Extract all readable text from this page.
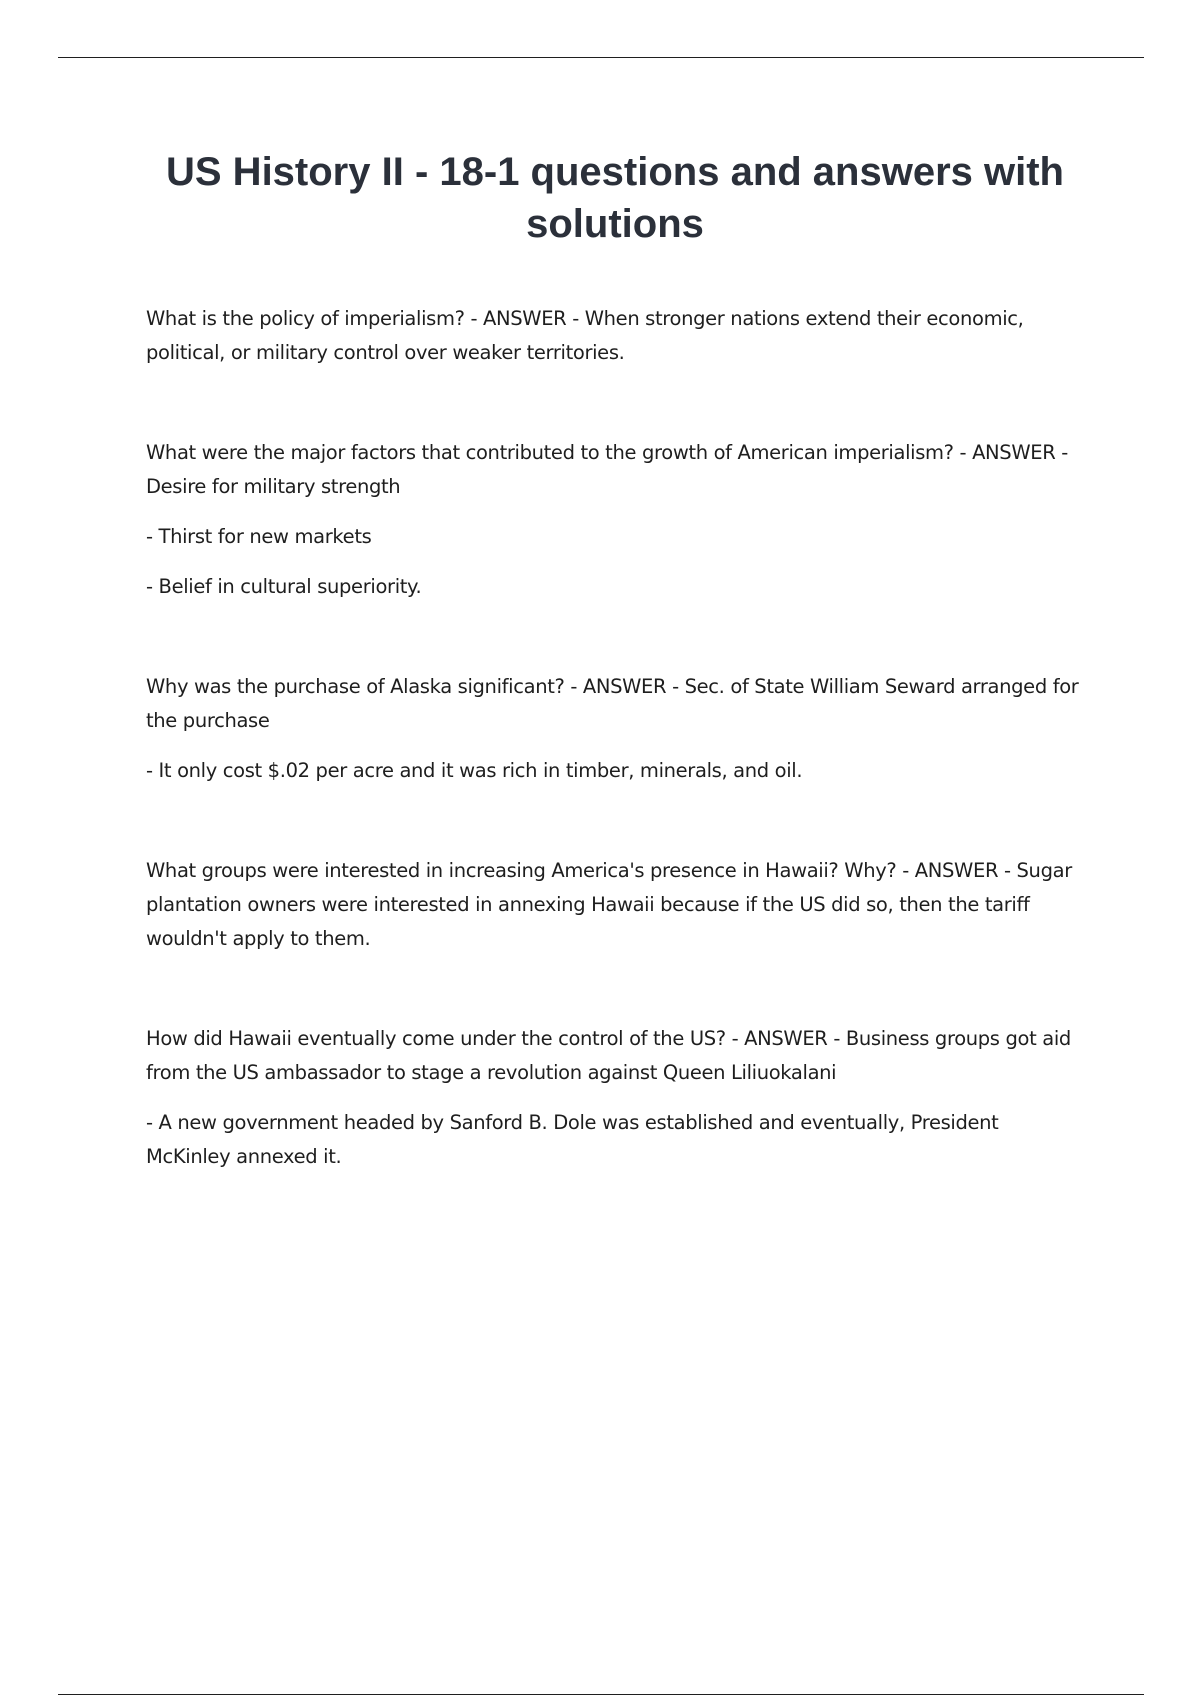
US History II - 18-1 questions and answers with solutions

What is the policy of imperialism? - ANSWER - When stronger nations extend their economic, political, or military control over weaker territories.

What were the major factors that contributed to the growth of American imperialism? - ANSWER - Desire for military strength

- Thirst for new markets

- Belief in cultural superiority.

Why was the purchase of Alaska significant? - ANSWER - Sec. of State William Seward arranged for the purchase

- It only cost $.02 per acre and it was rich in timber, minerals, and oil.

What groups were interested in increasing America's presence in Hawaii? Why? - ANSWER - Sugar plantation owners were interested in annexing Hawaii because if the US did so, then the tariff wouldn't apply to them.

How did Hawaii eventually come under the control of the US? - ANSWER - Business groups got aid from the US ambassador to stage a revolution against Queen Liliuokalani

- A new government headed by Sanford B. Dole was established and eventually, President McKinley annexed it.
